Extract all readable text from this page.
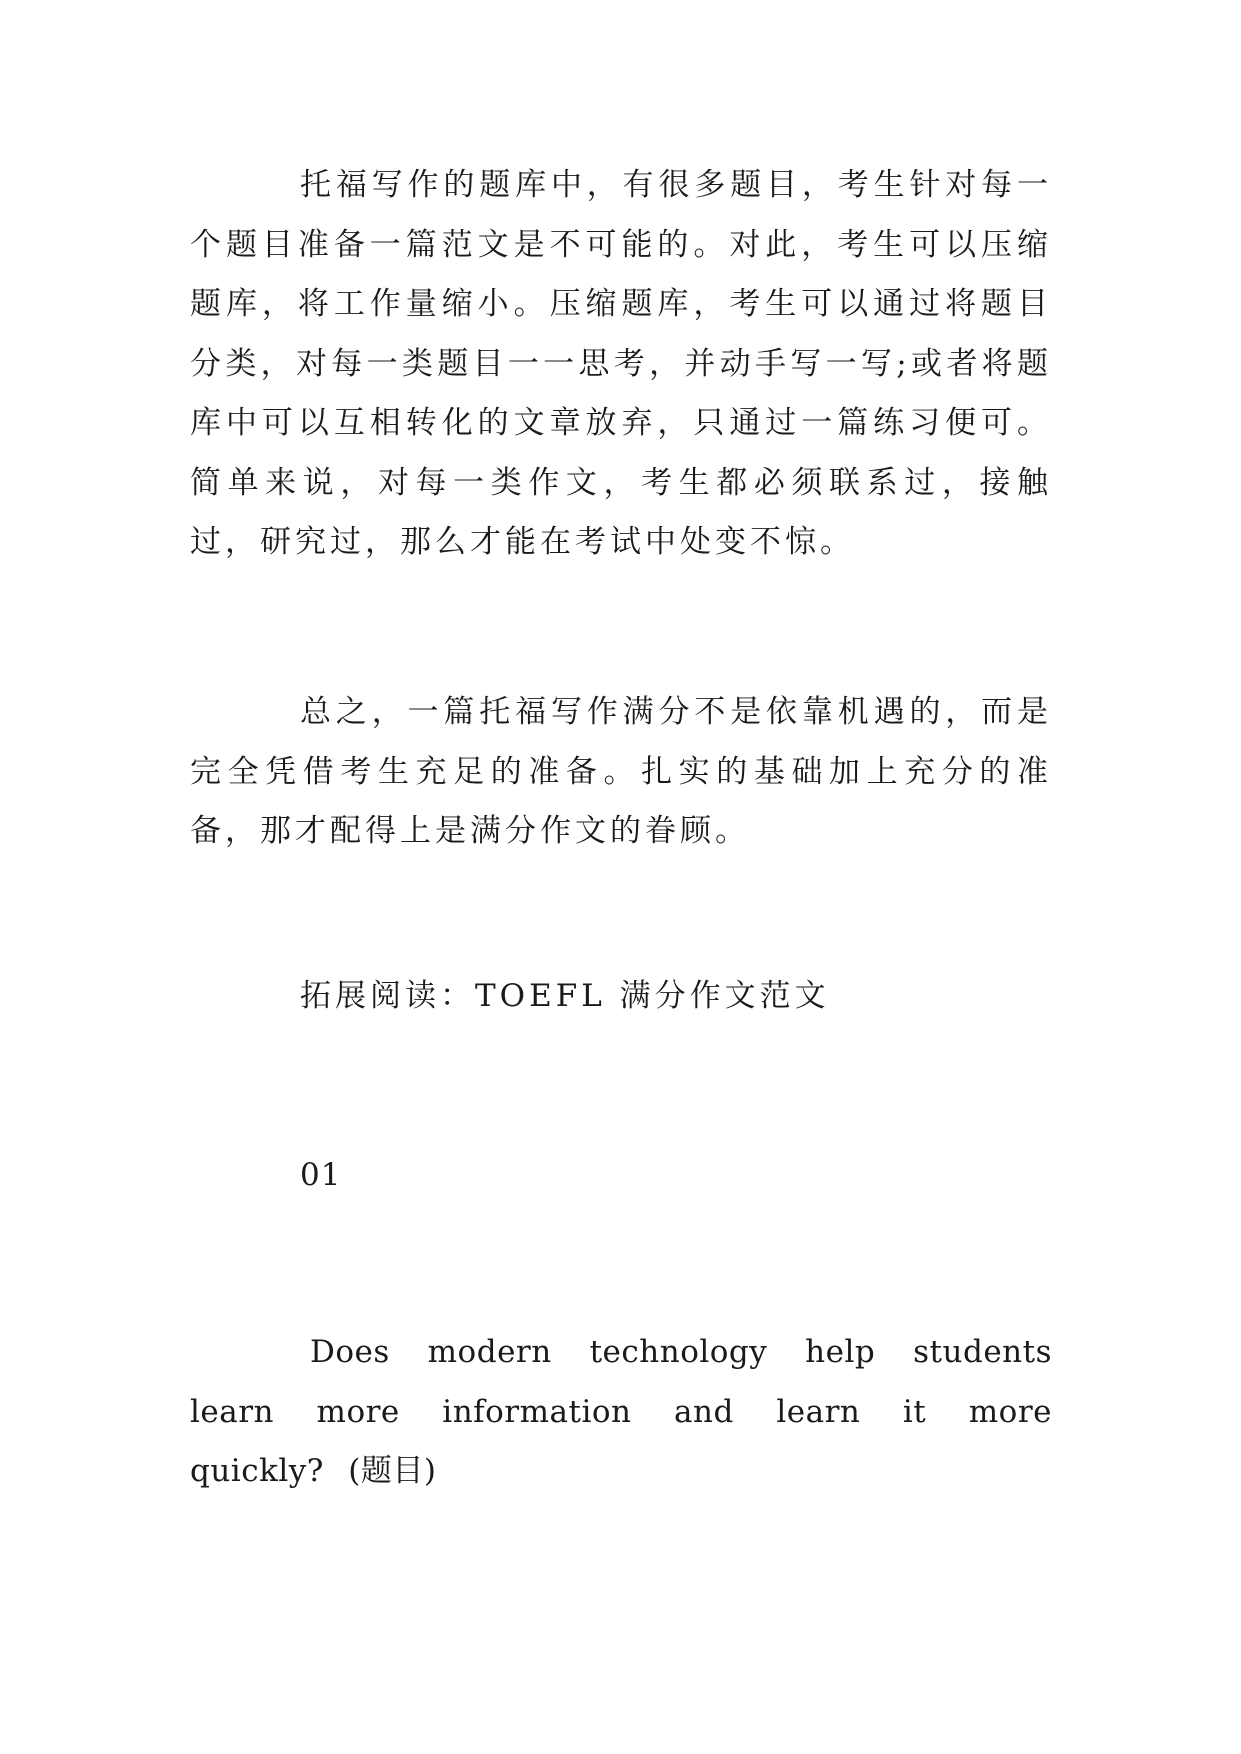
托福写作的题库中，有很多题目，考生针对每一个题目准备一篇范文是不可能的。对此，考生可以压缩题库，将工作量缩小。压缩题库，考生可以通过将题目分类，对每一类题目一一思考，并动手写一写;或者将题库中可以互相转化的文章放弃，只通过一篇练习便可。简单来说，对每一类作文，考生都必须联系过，接触过，研究过，那么才能在考试中处变不惊。

总之，一篇托福写作满分不是依靠机遇的，而是完全凭借考生充足的准备。扎实的基础加上充分的准备，那才配得上是满分作文的眷顾。

拓展阅读：TOEFL 满分作文范文

01

Does modern technology help students learn more information and learn it more quickly? (题目)
